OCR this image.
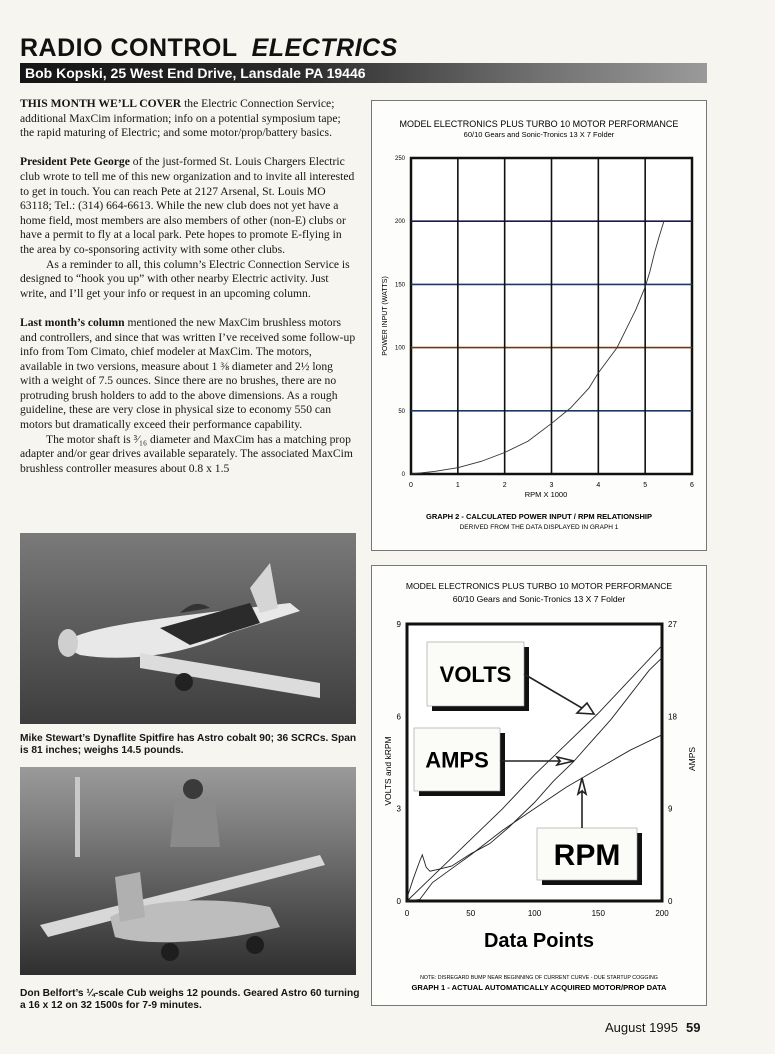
RADIO CONTROL ELECTRICS
Bob Kopski, 25 West End Drive, Lansdale PA 19446

THIS MONTH WE’LL COVER the Electric Connection Service; additional MaxCim information; info on a potential symposium tape; the rapid maturing of Electric; and some motor/prop/battery basics.

President Pete George of the just-formed St. Louis Chargers Electric club wrote to tell me of this new organization and to invite all interested to get in touch. You can reach Pete at 2127 Arsenal, St. Louis MO 63118; Tel.: (314) 664-6613. While the new club does not yet have a home field, most members are also members of other (non-E) clubs or have a permit to fly at a local park. Pete hopes to promote E-flying in the area by co-sponsoring activity with some other clubs.

As a reminder to all, this column’s Electric Connection Service is designed to “hook you up” with other nearby Electric activity. Just write, and I’ll get your info or request in an upcoming column.

Last month’s column mentioned the new MaxCim brushless motors and controllers, and since that was written I’ve received some follow-up info from Tom Cimato, chief modeler at MaxCim. The motors, available in two versions, measure about 1 ⅜ diameter and 2½ long with a weight of 7.5 ounces. Since there are no brushes, there are no protruding brush holders to add to the above dimensions. As a rough guideline, these are very close in physical size to economy 550 can motors but dramatically exceed their performance capability.

The motor shaft is ³⁄₁₆ diameter and MaxCim has a matching prop adapter and/or gear drives available separately. The associated MaxCim brushless controller measures about 0.8 x 1.5

Mike Stewart’s Dynaflite Spitfire has Astro cobalt 90; 36 SCRCs. Span is 81 inches; weighs 14.5 pounds.
Don Belfort’s ¼-scale Cub weighs 12 pounds. Geared Astro 60 turning a 16 x 12 on 32 1500s for 7-9 minutes.
MODEL ELECTRONICS PLUS TURBO 10 MOTOR PERFORMANCE
60/10 Gears and Sonic-Tronics 13 X 7 Folder
POWER INPUT (WATTS)
RPM X 1000
GRAPH 2 - CALCULATED POWER INPUT / RPM RELATIONSHIP
DERIVED FROM THE DATA DISPLAYED IN GRAPH 1
0
50
100
150
200
250
0	1	2	3	4	5	6
MODEL ELECTRONICS PLUS TURBO 10 MOTOR PERFORMANCE
60/10 Gears and Sonic-Tronics 13 X 7 Folder
VOLTS and kRPM	AMPS
Data Points
NOTE: DISREGARD BUMP NEAR BEGINNING OF CURRENT CURVE - DUE STARTUP COGGING
GRAPH 1 - ACTUAL AUTOMATICALLY ACQUIRED MOTOR/PROP DATA
0
3
6
9
0
9
18
27
0	50	100	150	200
VOLTS
AMPS
RPM
August 1995 59
